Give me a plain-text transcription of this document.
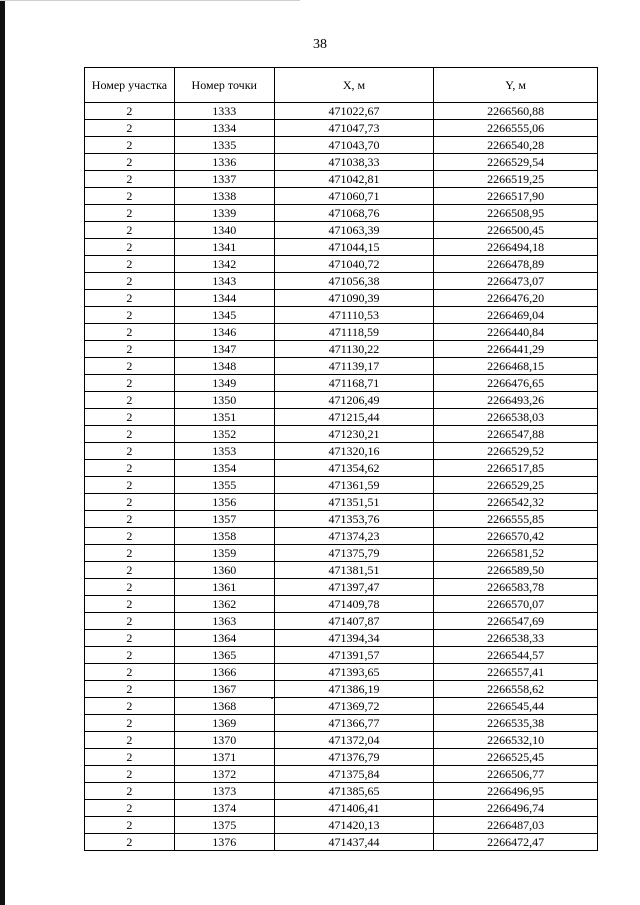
38
Номер участка	Номер точки	X, м	Y, м
2	1333	471022,67	2266560,88
2	1334	471047,73	2266555,06
2	1335	471043,70	2266540,28
2	1336	471038,33	2266529,54
2	1337	471042,81	2266519,25
2	1338	471060,71	2266517,90
2	1339	471068,76	2266508,95
2	1340	471063,39	2266500,45
2	1341	471044,15	2266494,18
2	1342	471040,72	2266478,89
2	1343	471056,38	2266473,07
2	1344	471090,39	2266476,20
2	1345	471110,53	2266469,04
2	1346	471118,59	2266440,84
2	1347	471130,22	2266441,29
2	1348	471139,17	2266468,15
2	1349	471168,71	2266476,65
2	1350	471206,49	2266493,26
2	1351	471215,44	2266538,03
2	1352	471230,21	2266547,88
2	1353	471320,16	2266529,52
2	1354	471354,62	2266517,85
2	1355	471361,59	2266529,25
2	1356	471351,51	2266542,32
2	1357	471353,76	2266555,85
2	1358	471374,23	2266570,42
2	1359	471375,79	2266581,52
2	1360	471381,51	2266589,50
2	1361	471397,47	2266583,78
2	1362	471409,78	2266570,07
2	1363	471407,87	2266547,69
2	1364	471394,34	2266538,33
2	1365	471391,57	2266544,57
2	1366	471393,65	2266557,41
2	1367	471386,19	2266558,62
2	1368	471369,72	2266545,44
2	1369	471366,77	2266535,38
2	1370	471372,04	2266532,10
2	1371	471376,79	2266525,45
2	1372	471375,84	2266506,77
2	1373	471385,65	2266496,95
2	1374	471406,41	2266496,74
2	1375	471420,13	2266487,03
2	1376	471437,44	2266472,47
